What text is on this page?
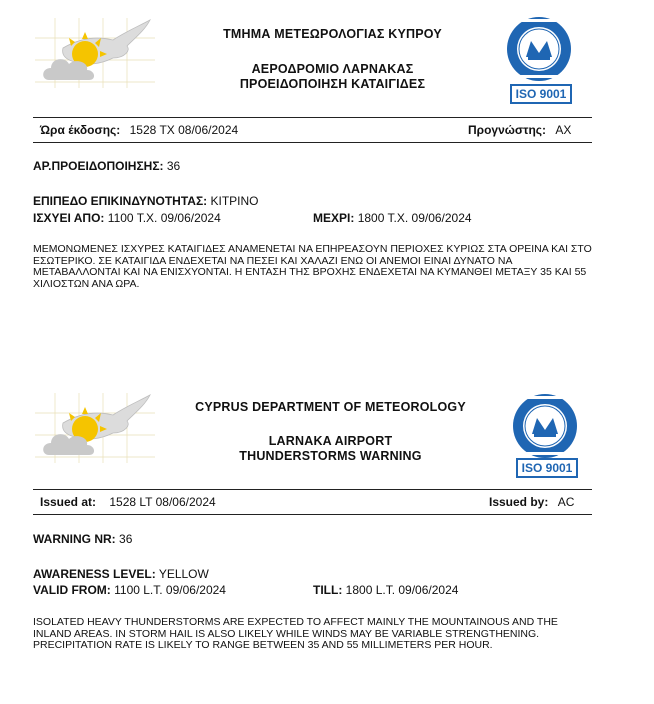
ΤΜΗΜΑ ΜΕΤΕΩΡΟΛΟΓΙΑΣ ΚΥΠΡΟΥ
ΑΕΡΟΔΡΟΜΙΟ ΛΑΡΝΑΚΑΣ
ΠΡΟΕΙΔΟΠΟΙΗΣΗ ΚΑΤΑΙΓΙΔΕΣ
ISO 9001
Ώρα έκδοσης: 1528 ΤΧ 08/06/2024	Προγνώστης: ΑΧ
ΑΡ.ΠΡΟΕΙΔΟΠΟΙΗΣΗΣ: 36
ΕΠΙΠΕΔΟ ΕΠΙΚΙΝΔΥΝΟΤΗΤΑΣ: ΚΙΤΡΙΝΟ
ΙΣΧΥΕΙ ΑΠΟ: 1100 Τ.Χ. 09/06/2024	ΜΕΧΡΙ: 1800 Τ.Χ. 09/06/2024
ΜΕΜΟΝΩΜΕΝΕΣ ΙΣΧΥΡΕΣ ΚΑΤΑΙΓΙΔΕΣ ΑΝΑΜΕΝΕΤΑΙ ΝΑ ΕΠΗΡΕΑΣΟΥΝ ΠΕΡΙΟΧΕΣ ΚΥΡΙΩΣ ΣΤΑ ΟΡΕΙΝΑ ΚΑΙ ΣΤΟ ΕΣΩΤΕΡΙΚΟ. ΣΕ ΚΑΤΑΙΓΙΔΑ ΕΝΔΕΧΕΤΑΙ ΝΑ ΠΕΣΕΙ ΚΑΙ ΧΑΛΑΖΙ ΕΝΩ ΟΙ ΑΝΕΜΟΙ ΕΙΝΑΙ ΔΥΝΑΤΟ ΝΑ ΜΕΤΑΒΑΛΛΟΝΤΑΙ ΚΑΙ ΝΑ ΕΝΙΣΧΥΟΝΤΑΙ. Η ΕΝΤΑΣΗ ΤΗΣ ΒΡΟΧΗΣ ΕΝΔΕΧΕΤΑΙ ΝΑ ΚΥΜΑΝΘΕΙ ΜΕΤΑΞΥ 35 ΚΑΙ 55 ΧΙΛΙΟΣΤΩΝ ΑΝΑ ΩΡΑ.
CYPRUS DEPARTMENT OF METEOROLOGY
LARNAKA AIRPORT
THUNDERSTORMS WARNING
ISO 9001
Issued at: 1528 LT 08/06/2024	Issued by: AC
WARNING NR: 36
AWARENESS LEVEL: YELLOW
VALID FROM: 1100 L.T. 09/06/2024	TILL: 1800 L.T. 09/06/2024
ISOLATED HEAVY THUNDERSTORMS ARE EXPECTED TO AFFECT MAINLY THE MOUNTAINOUS AND THE INLAND AREAS. IN STORM HAIL IS ALSO LIKELY WHILE WINDS MAY BE VARIABLE STRENGTHENING. PRECIPITATION RATE IS LIKELY TO RANGE BETWEEN 35 AND 55 MILLIMETERS PER HOUR.
